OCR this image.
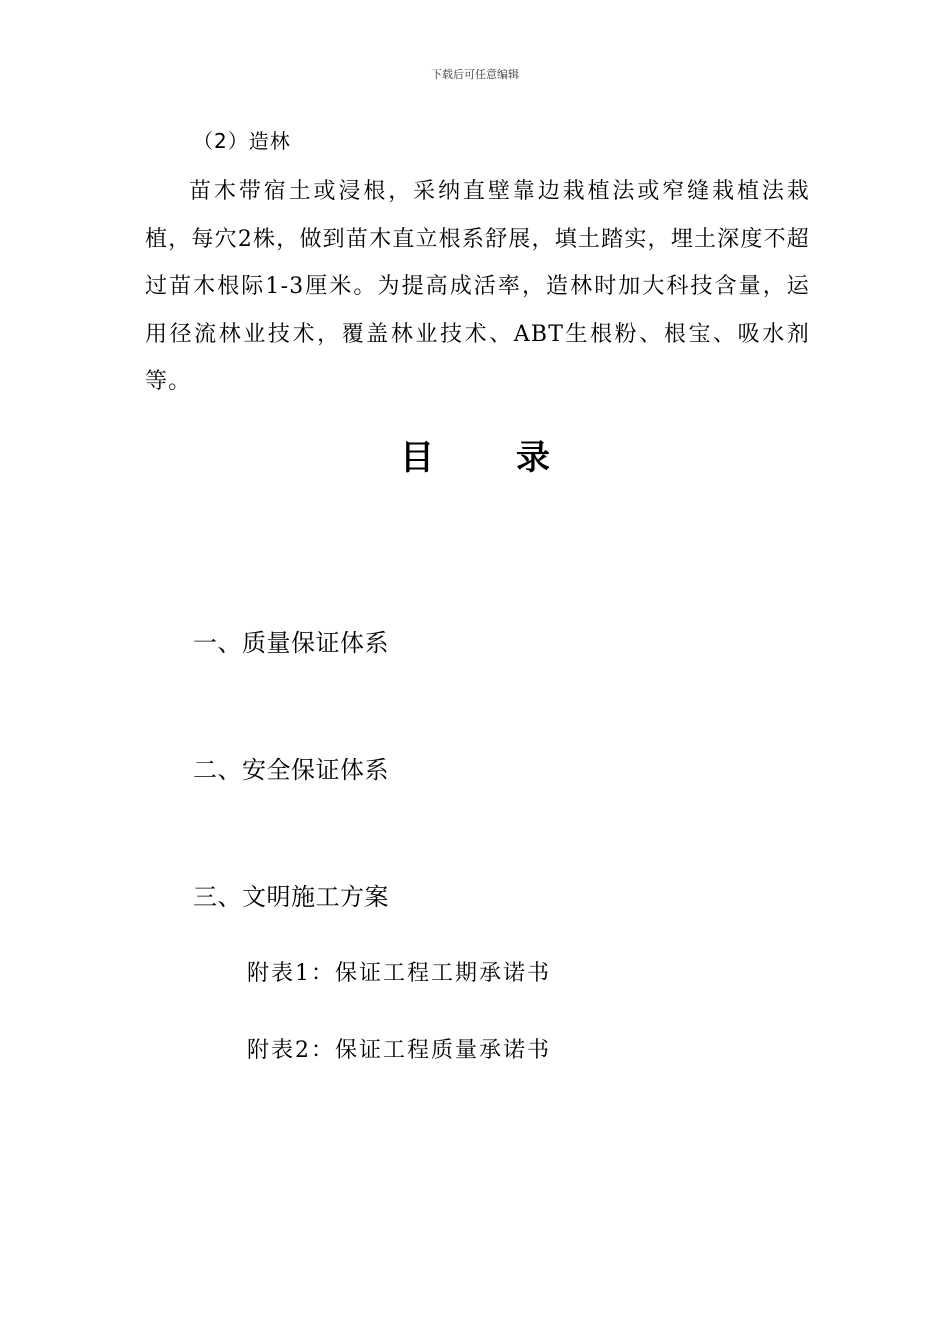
下载后可任意编辑
（2）造林

苗木带宿土或浸根，采纳直壁靠边栽植法或窄缝栽植法栽植，每穴2株，做到苗木直立根系舒展，填土踏实，埋土深度不超过苗木根际1-3厘米。为提高成活率，造林时加大科技含量，运用径流林业技术，覆盖林业技术、ABT生根粉、根宝、吸水剂等。

目 录
一、质量保证体系
二、安全保证体系
三、文明施工方案
附表1：保证工程工期承诺书
附表2：保证工程质量承诺书
